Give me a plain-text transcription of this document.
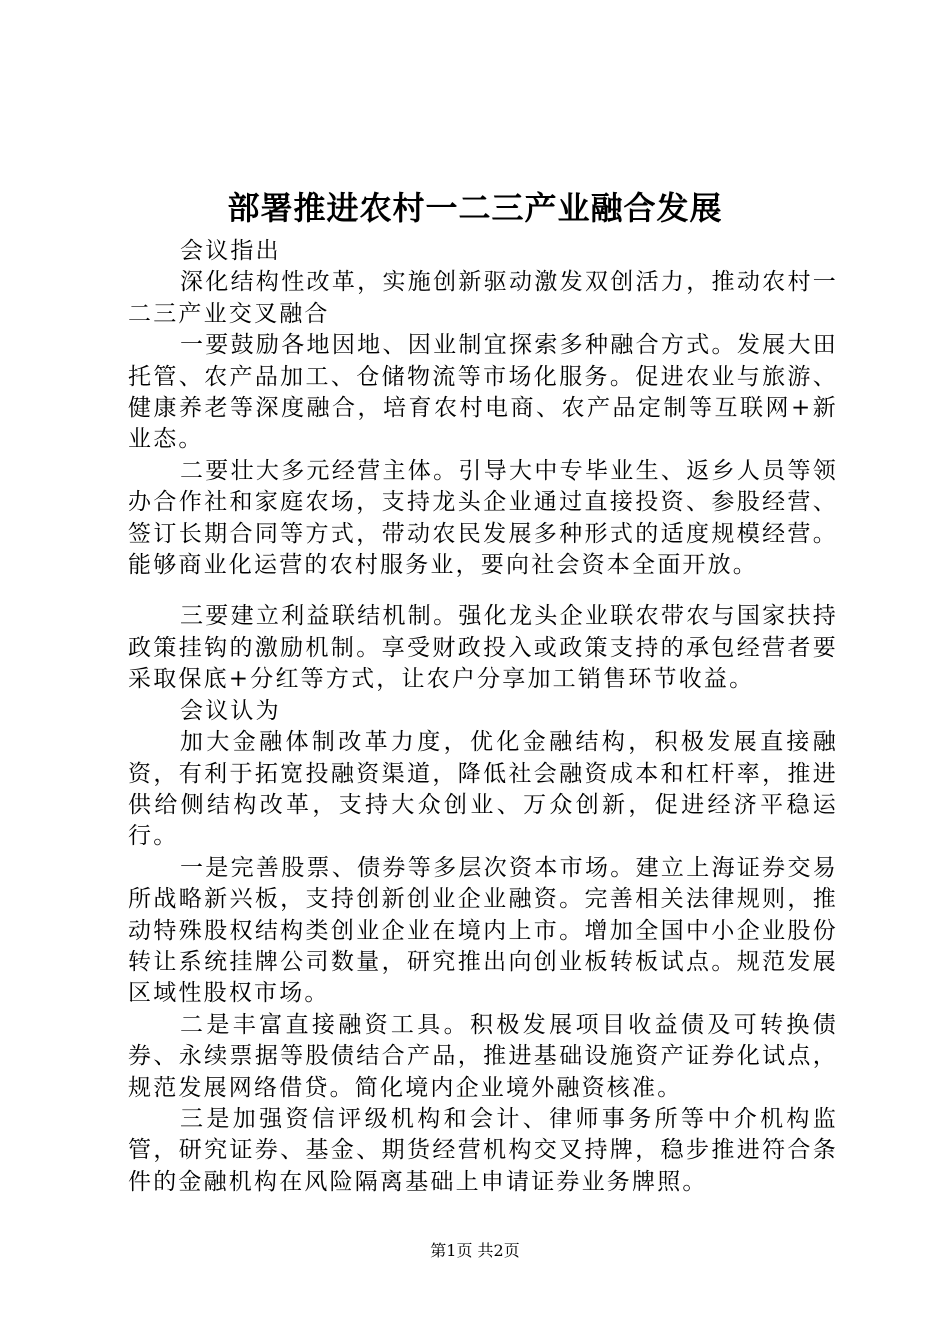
部署推进农村一二三产业融合发展

会议指出

深化结构性改革，实施创新驱动激发双创活力，推动农村一二三产业交叉融合

一要鼓励各地因地、因业制宜探索多种融合方式。发展大田托管、农产品加工、仓储物流等市场化服务。促进农业与旅游、健康养老等深度融合，培育农村电商、农产品定制等互联网+新业态。

二要壮大多元经营主体。引导大中专毕业生、返乡人员等领办合作社和家庭农场，支持龙头企业通过直接投资、参股经营、签订长期合同等方式，带动农民发展多种形式的适度规模经营。能够商业化运营的农村服务业，要向社会资本全面开放。

三要建立利益联结机制。强化龙头企业联农带农与国家扶持政策挂钩的激励机制。享受财政投入或政策支持的承包经营者要采取保底+分红等方式，让农户分享加工销售环节收益。

会议认为

加大金融体制改革力度，优化金融结构，积极发展直接融资，有利于拓宽投融资渠道，降低社会融资成本和杠杆率，推进供给侧结构改革，支持大众创业、万众创新，促进经济平稳运行。

一是完善股票、债券等多层次资本市场。建立上海证券交易所战略新兴板，支持创新创业企业融资。完善相关法律规则，推动特殊股权结构类创业企业在境内上市。增加全国中小企业股份转让系统挂牌公司数量，研究推出向创业板转板试点。规范发展区域性股权市场。

二是丰富直接融资工具。积极发展项目收益债及可转换债券、永续票据等股债结合产品，推进基础设施资产证券化试点，规范发展网络借贷。简化境内企业境外融资核准。

三是加强资信评级机构和会计、律师事务所等中介机构监管，研究证券、基金、期货经营机构交叉持牌，稳步推进符合条件的金融机构在风险隔离基础上申请证券业务牌照。

第1页 共2页
